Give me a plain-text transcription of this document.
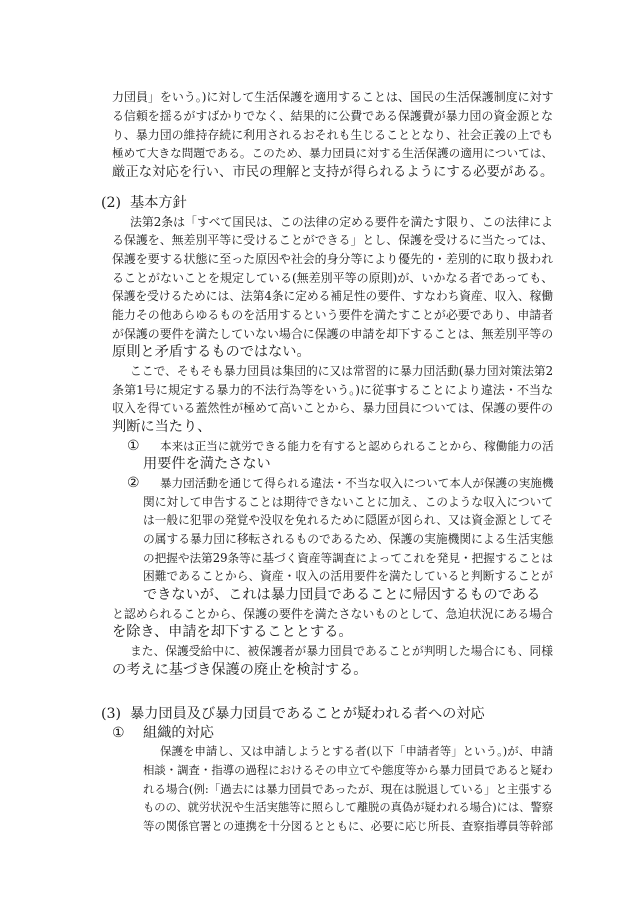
力団員」をいう。)に対して生活保護を適用することは、国民の生活保護制度に対す
る信頼を揺るがすばかりでなく、結果的に公費である保護費が暴力団の資金源とな
り、暴力団の維持存続に利用されるおそれも生じることとなり、社会正義の上でも
極めて大きな問題である。このため、暴力団員に対する生活保護の適用については、
厳正な対応を行い、市民の理解と支持が得られるようにする必要がある。
(2) 基本方針
法第2条は「すべて国民は、この法律の定める要件を満たす限り、この法律によ
る保護を、無差別平等に受けることができる」とし、保護を受けるに当たっては、
保護を要する状態に至った原因や社会的身分等により優先的・差別的に取り扱われ
ることがないことを規定している(無差別平等の原則)が、いかなる者であっても、
保護を受けるためには、法第4条に定める補足性の要件、すなわち資産、収入、稼働
能力その他あらゆるものを活用するという要件を満たすことが必要であり、申請者
が保護の要件を満たしていない場合に保護の申請を却下することは、無差別平等の
原則と矛盾するものではない。
ここで、そもそも暴力団員は集団的に又は常習的に暴力団活動(暴力団対策法第2
条第1号に規定する暴力的不法行為等をいう。)に従事することにより違法・不当な
収入を得ている蓋然性が極めて高いことから、暴力団員については、保護の要件の
判断に当たり、
① 本来は正当に就労できる能力を有すると認められることから、稼働能力の活
用要件を満たさない
② 暴力団活動を通じて得られる違法・不当な収入について本人が保護の実施機
関に対して申告することは期待できないことに加え、このような収入について
は一般に犯罪の発覚や没収を免れるために隠匿が図られ、又は資金源としてそ
の属する暴力団に移転されるものであるため、保護の実施機関による生活実態
の把握や法第29条等に基づく資産等調査によってこれを発見・把握することは
困難であることから、資産・収入の活用要件を満たしていると判断することが
できないが、これは暴力団員であることに帰因するものである
と認められることから、保護の要件を満たさないものとして、急迫状況にある場合
を除き、申請を却下することとする。
また、保護受給中に、被保護者が暴力団員であることが判明した場合にも、同様
の考えに基づき保護の廃止を検討する。
(3) 暴力団員及び暴力団員であることが疑われる者への対応
① 組織的対応
保護を申請し、又は申請しようとする者(以下「申請者等」という。)が、申請
相談・調査・指導の過程におけるその申立てや態度等から暴力団員であると疑わ
れる場合(例:「過去には暴力団員であったが、現在は脱退している」と主張する
ものの、就労状況や生活実態等に照らして離脱の真偽が疑われる場合)には、警察
等の関係官署との連携を十分図るとともに、必要に応じ所長、査察指導員等幹部
